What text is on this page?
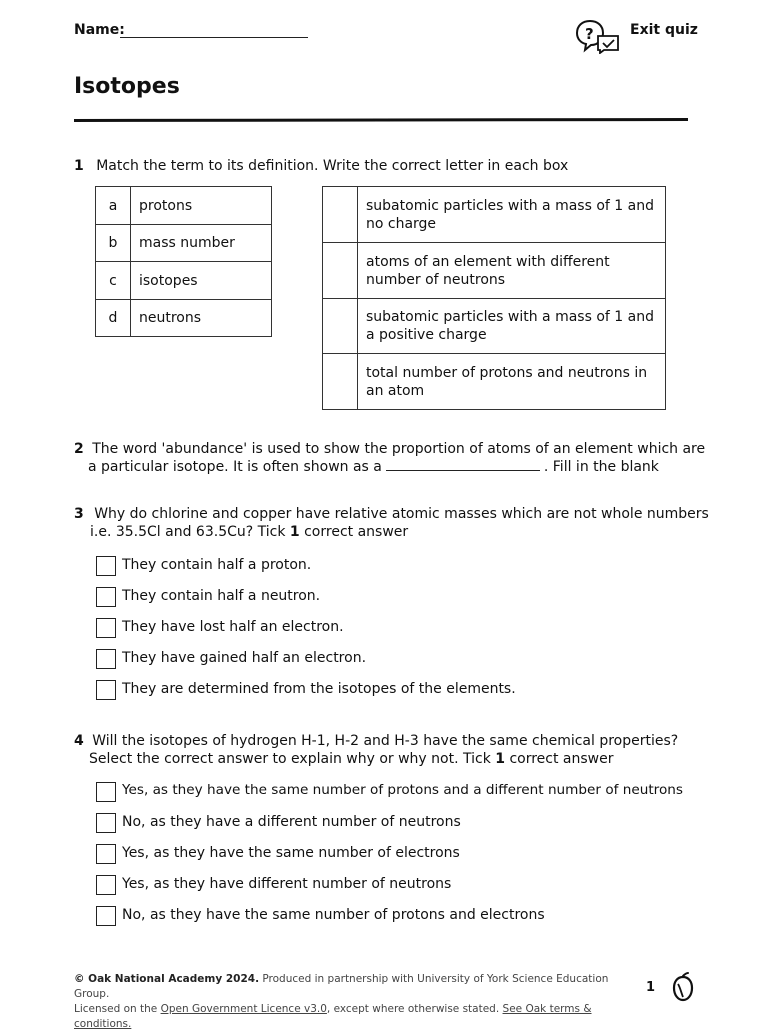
Name:	?	Exit quiz
Isotopes
1 Match the term to its definition. Write the correct letter in each box
a	protons
b	mass number
c	isotopes
d	neutrons
	subatomic particles with a mass of 1 and
no charge
	atoms of an element with different
number of neutrons
	subatomic particles with a mass of 1 and
a positive charge
	total number of protons and neutrons in
an atom
2 The word 'abundance' is used to show the proportion of atoms of an element which are
a particular isotope. It is often shown as a	. Fill in the blank
3 Why do chlorine and copper have relative atomic masses which are not whole numbers
i.e. 35.5Cl and 63.5Cu? Tick 1 correct answer
They contain half a proton.
They contain half a neutron.
They have lost half an electron.
They have gained half an electron.
They are determined from the isotopes of the elements.
4 Will the isotopes of hydrogen H-1, H-2 and H-3 have the same chemical properties?
Select the correct answer to explain why or why not. Tick 1 correct answer
Yes, as they have the same number of protons and a different number of neutrons
No, as they have a different number of neutrons
Yes, as they have the same number of electrons
Yes, as they have different number of neutrons
No, as they have the same number of protons and electrons
© Oak National Academy 2024. Produced in partnership with University of York Science Education Group.
Licensed on the Open Government Licence v3.0, except where otherwise stated. See Oak terms & conditions.
1
